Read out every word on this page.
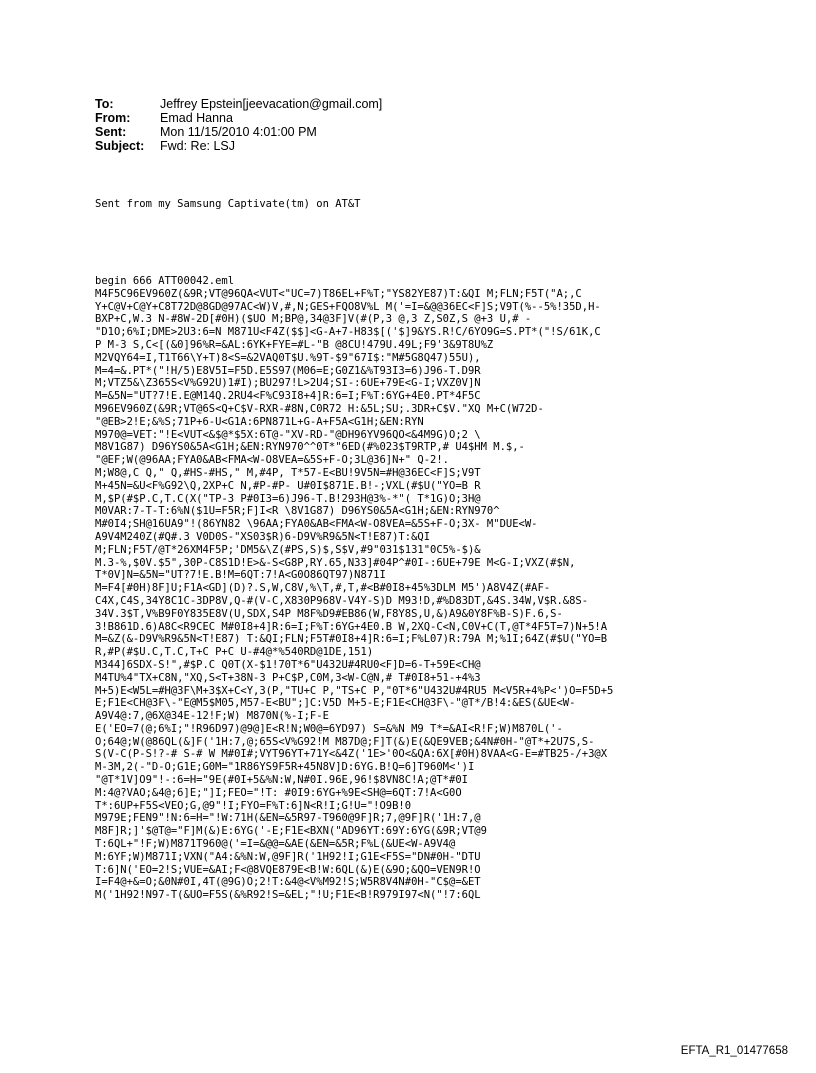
To:	Jeffrey Epstein[jeevacation@gmail.com]
From:	Emad Hanna
Sent:	Mon 11/15/2010 4:01:00 PM
Subject:	Fwd: Re: LSJ
Sent from my Samsung Captivate(tm) on AT&T
begin 666 ATT00042.eml
M4F5C96EV960Z(&9R;VT@96QA<VUT<"UC=7)T86EL+F%T;"YS82YE87)T:&QI M;FLN;F5T("A;,C
Y+C@V+C@Y+C8T72D@8GD@97AC<W)V,#,N;GES+FQO8V%L M('=I=&@@36EC<F]S;V9T(%--5%!35D,H-
BXP+C,W.3 N-#8W-2D[#0H)($UO M;BP@,34@3F]V(#(P,3 @,3 Z,S0Z,S @+3 U,# -
"D1O;6%I;DME>2U3:6=N M871U<F4Z($$]<G-A+7-H83$[('$]9&YS.R!C/6YO9G=S.PT*("!S/61K,C
P M-3 S,C<[(&0]96%R=&AL:6YK+FYE=#L-"B @8CU!479U.49L;F9'3&9T8U%Z
M2VQY64=I,T1T66\Y+T)8<S=&2VAQ0T$U.%9T-$9"67I$:"M#5G8Q47)55U),
M=4=&.PT*("!H/5)E8V5I=F5D.E5S97(M06=E;G0Z1&%T93I3=6)J96-T.D9R
M;VTZ5&\Z365S<V%G92U)1#I);BU297!L>2U4;SI-:6UE+79E<G-I;VXZ0V]N
M=&5N="UT?7!E.E@M14Q.2RU4<F%C93I8+4]R:6=I;F%T:6YG+4E0.PT*4F5C
M96EV960Z(&9R;VT@6S<Q+C$V-RXR-#8N,C0R72 H:&5L;SU;.3DR+C$V."XQ M+C(W72D-
"@EB>2!E;&%S;71P+6-U<G1A:6PN871L+G-A+F5A<G1H;&EN:RYN
M970@=VET:"!E<VUT<&$@*$5X:6T@-"XV-RD-"@DH96YV96QO<&4M9G)O;2 \
M8V1G87) D96YS0&5A<G1H;&EN:RYN970^^0T*"6ED(#%023$T9RTP,# U4$HM M.$,-
"@EF;W(@96AA;FYA0&AB<FMA<W-O8VEA=&5S+F-O;3L@36]N+" Q-2!.
M;W8@,C Q," Q,#HS-#HS," M,#4P, T*57-E<BU!9V5N=#H@36EC<F]S;V9T
M+45N=&U<F%G92\Q,2XP+C N,#P-#P- U#0I$871E.B!-;VXL(#$U("YO=B R
M,$P(#$P.C,T.C(X("TP-3 P#0I3=6)J96-T.B!293H@3%-*"( T*1G)O;3H@
M0VAR:7-T-T:6%N($1U=F5R;F]I<R \8V1G87) D96YS0&5A<G1H;&EN:RYN970^
M#0I4;SH@16UA9"!(86YN82 \96AA;FYA0&AB<FMA<W-O8VEA=&5S+F-O;3X- M"DUE<W-
A9V4M240Z(#Q#.3 V0D0S-"XS03$R)6-D9V%R9&5N<T!E87)T:&QI
M;FLN;F5T/@T*26XM4F5P;'DM5&\Z(#PS,S)$,S$V,#9"031$131"0C5%-$)&
M.3-%,$0V.$5",30P-C8S1D!E>&-S<G8P,RY.65,N33]#04P^#0I-:6UE+79E M<G-I;VXZ(#$N,
T*0V]N=&5N="UT?7!E.B!M=6QT:7!A<G0O86QT97)N871I
M=F4[#0H)8F]U;F1A<GD](D)?.S,W,C8V,%\T,#,T,#<B#0I8+45%3DLM M5')A8V4Z(#AF-
C4X,C4S,34Y8C1C-3DP8V,Q-#(V-C,X830P968V-V4Y-S)D M93!D,#%D83DT,&4S.34W,V$R.&8S-
34V.3$T,V%B9F0Y835E8V(U,SDX,S4P M8F%D9#EB86(W,F8Y8S,U,&)A9&0Y8F%B-S)F.6,S-
3!B861D.6)A8C<R9CEC M#0I8+4]R:6=I;F%T:6YG+4E0.B W,2XQ-C<N,C0V+C(T,@T*4F5T=7)N+5!A
M=&Z(&-D9V%R9&5N<T!E87) T:&QI;FLN;F5T#0I8+4]R:6=I;F%L07)R:79A M;%1I;64Z(#$U("YO=B
R,#P(#$U.C,T.C,T+C P+C U-#4@*%540RD@1DE,151)
M344]6SDX-S!",#$P.C Q0T(X-$1!70T*6"U432U#4RU0<F]D=6-T+59E<CH@
M4TU%4"TX+C8N,"XQ,S<T+38N-3 P+C$P,C0M,3<W-C@N,# T#0I8+51-+4%3
M+5)E<W5L=#H@3F\M+3$X+C<Y,3(P,"TU+C P,"TS+C P,"0T*6"U432U#4RU5 M<V5R+4%P<')O=F5D+5
E;F1E<CH@3F\-"E@M5$M05,M57-E<BU";]C:V5D M+5-E;F1E<CH@3F\-"@T*/B!4:&ES(&UE<W-
A9V4@:7,@6X@34E-12!F;W) M870N(%-I;F-E
E('EO=7(@;6%I;"!R96D97)@9@]E<R!N;W0@=6YD97) S=&%N M9 T*=&AI<R!F;W)M870L('-
O;64@;W(@86QL(&]F('1H:7,@;65S<V%G92!M M87D@;F]T(&)E(&QE9VEB;&4N#0H-"@T*+2U7S,S-
S(V-C(P-S!?-# S-# W M#0I#;VYT96YT+71Y<&4Z('1E>'0O<&QA:6X[#0H)8VAA<G-E=#TB25-/+3@X
M-3M,2(-"D-O;G1E;G0M="1R86YS9F5R+45N8V]D:6YG.B!Q=6]T960M<')I
"@T*1V]O9"!-:6=H="9E(#0I+5&%N:W,N#0I.96E,96!$8VN8C!A;@T*#0I
M:4@?VAO;&4@;6]E;"]I;FEO="!T: #0I9:6YG+%9E<SH@=6QT:7!A<G0O
T*:6UP+F5S<VEO;G,@9"!I;FYO=F%T:6]N<R!I;G!U="!O9B!0
M979E;FEN9"!N:6=H="!W:71H(&EN=&5R97-T960@9F]R;7,@9F]R('1H:7,@
M8F]R;]'$@T@="F]M(&)E:6YG('-E;F1E<BXN("AD96YT:69Y:6YG(&9R;VT@9
T:6QL+"!F;W)M871T960@('=I=&@@=&AE(&EN=&5R;F%L(&UE<W-A9V4@
M:6YF;W)M871I;VXN("A4:&%N:W,@9F]R('1H92!I;G1E<F5S="DN#0H-"DTU
T:6]N('EO=2!S;VUE=&AI;F<@8VQE879E<B!W:6QL(&)E(&9O;&QO=VEN9R!O
I=F4@+&=O;&0N#0I,4T(@9G)O;2!T:&4@<V%M92!S;W5R8V4N#0H-"C$@=&ET
M('1H92!N97-T(&UO=F5S(&%R92!S=&EL;"!U;F1E<B!R979I97<N("!7:6QL
EFTA_R1_01477658
